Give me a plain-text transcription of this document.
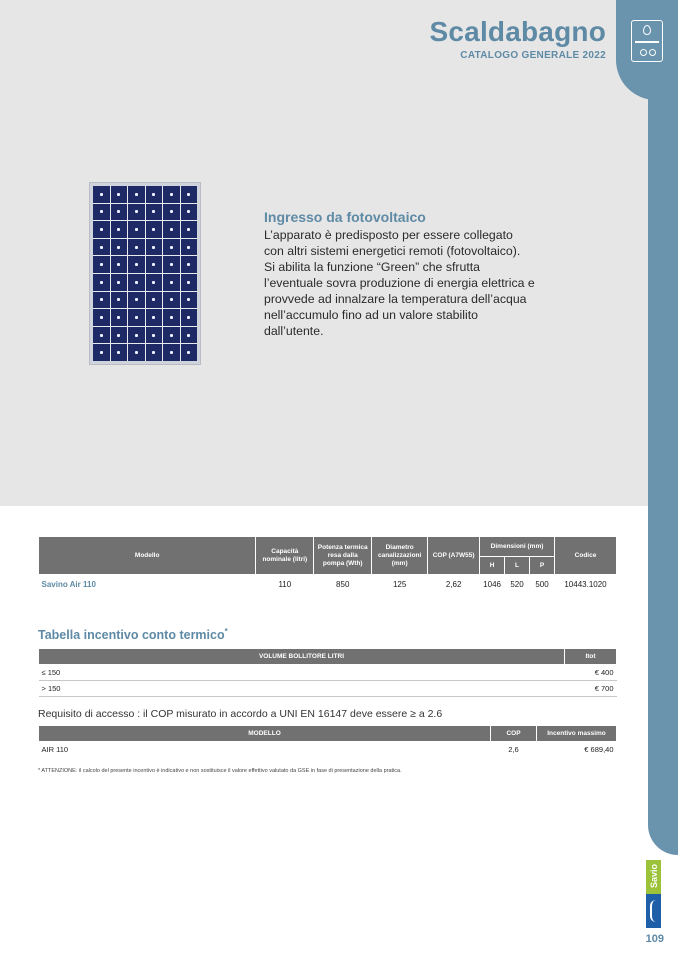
Scaldabagno
CATALOGO GENERALE 2022
Ingresso da fotovoltaico
L’apparato è predisposto per essere collegato
con altri sistemi energetici remoti (fotovoltaico).
Si abilita la funzione “Green” che sfrutta
l’eventuale sovra produzione di energia elettrica e
provvede ad innalzare la temperatura dell’acqua
nell’accumulo fino ad un valore stabilito
dall’utente.
Modello	Capacità nominale (litri)	Potenza termica resa dalla pompa (Wth)	Diametro canalizzazioni (mm)	COP (A7W55)	Dimensioni (mm)			Codice
					H	L	P	
Savino Air 110	110	850	125	2,62	1046	520	500	10443.1020
Tabella incentivo conto termico*
VOLUME BOLLITORE LITRI	Itot
≤ 150	€ 400
> 150	€ 700
Requisito di accesso : il COP misurato in accordo a UNI EN 16147 deve essere ≥ a 2.6
MODELLO	COP	Incentivo massimo
AIR 110	2,6	€ 689,40
* ATTENZIONE: il calcolo del presente incentivo è indicativo e non sostituisce il valore effettivo valutato da GSE in fase di presentazione della pratica.
Savio
109
